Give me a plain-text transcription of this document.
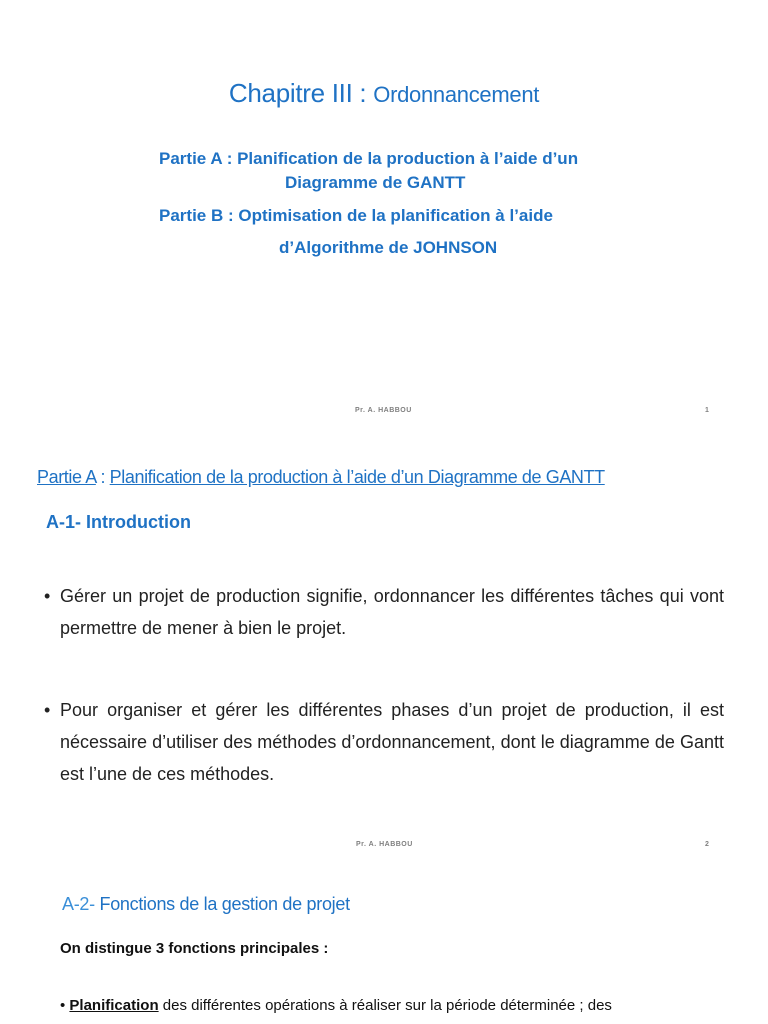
Chapitre III : Ordonnancement
Partie A : Planification de la production à l’aide d’un
Diagramme de GANTT
Partie B : Optimisation de la planification à l’aide
d’Algorithme de JOHNSON
Pr. A. HABBOU	1
Partie A : Planification de la production à l’aide d’un Diagramme de GANTT
A-1- Introduction
• Gérer un projet de production signifie, ordonnancer les différentes tâches qui vont permettre de mener à bien le projet.
• Pour organiser et gérer les différentes phases d’un projet de production, il est nécessaire d’utiliser des méthodes d’ordonnancement, dont le diagramme de Gantt est l’une de ces méthodes.
Pr. A. HABBOU	2
A-2- Fonctions de la gestion de projet
On distingue 3 fonctions principales :
• Planification des différentes opérations à réaliser sur la période déterminée ; des
